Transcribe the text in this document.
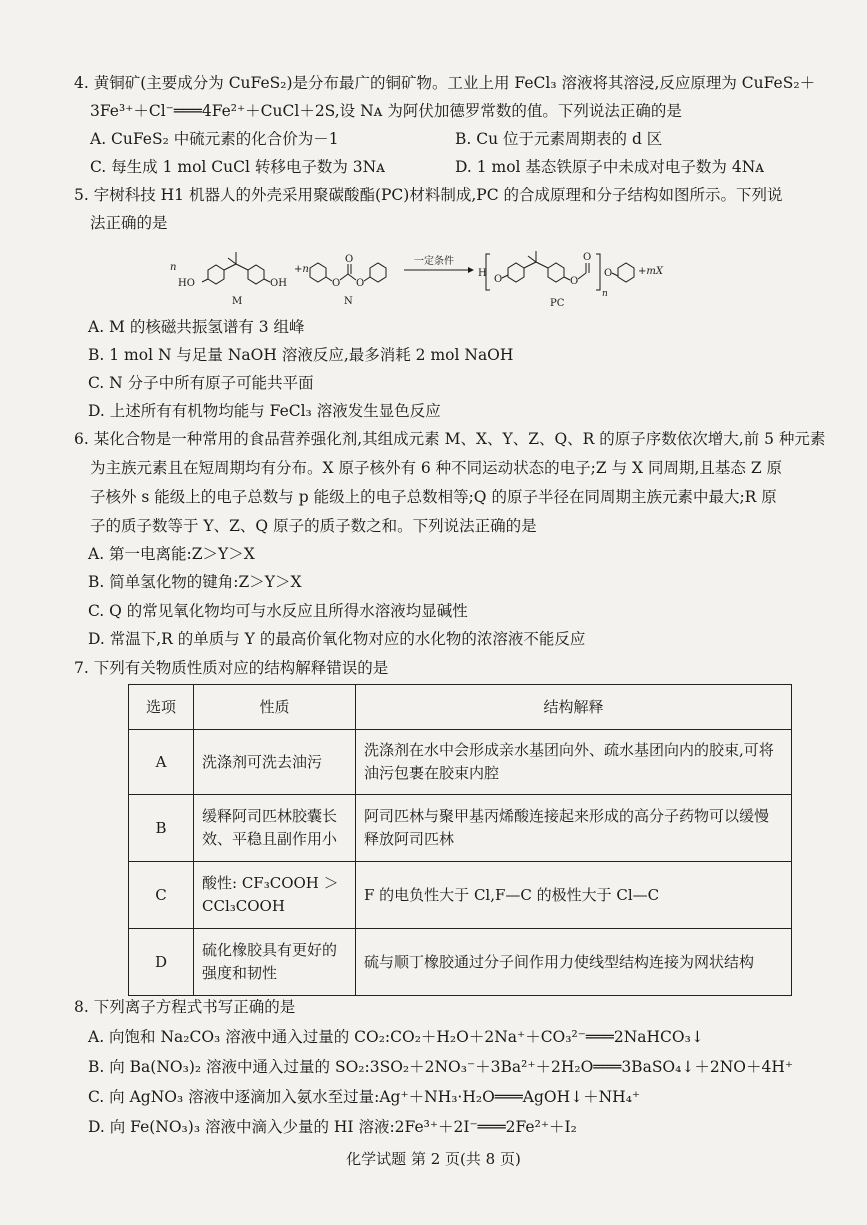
4. 黄铜矿(主要成分为 CuFeS₂)是分布最广的铜矿物。工业上用 FeCl₃ 溶液将其溶浸,反应原理为 CuFeS₂＋
3Fe³⁺＋Cl⁻═══4Fe²⁺＋CuCl＋2S,设 Nᴀ 为阿伏加德罗常数的值。下列说法正确的是
A. CuFeS₂ 中硫元素的化合价为－1	B. Cu 位于元素周期表的 d 区
C. 每生成 1 mol CuCl 转移电子数为 3Nᴀ	D. 1 mol 基态铁原子中未成对电子数为 4Nᴀ
5. 宇树科技 H1 机器人的外壳采用聚碳酸酯(PC)材料制成,PC 的合成原理和分子结构如图所示。下列说
法正确的是
n
HO	OH
M
+n
O
O
O
N
一定条件
H
O	O
O
n
O	+mX
PC
A. M 的核磁共振氢谱有 3 组峰
B. 1 mol N 与足量 NaOH 溶液反应,最多消耗 2 mol NaOH
C. N 分子中所有原子可能共平面
D. 上述所有有机物均能与 FeCl₃ 溶液发生显色反应
6. 某化合物是一种常用的食品营养强化剂,其组成元素 M、X、Y、Z、Q、R 的原子序数依次增大,前 5 种元素
为主族元素且在短周期均有分布。X 原子核外有 6 种不同运动状态的电子;Z 与 X 同周期,且基态 Z 原
子核外 s 能级上的电子总数与 p 能级上的电子总数相等;Q 的原子半径在同周期主族元素中最大;R 原
子的质子数等于 Y、Z、Q 原子的质子数之和。下列说法正确的是
A. 第一电离能:Z＞Y＞X
B. 简单氢化物的键角:Z＞Y＞X
C. Q 的常见氧化物均可与水反应且所得水溶液均显碱性
D. 常温下,R 的单质与 Y 的最高价氧化物对应的水化物的浓溶液不能反应
7. 下列有关物质性质对应的结构解释错误的是
选项	性质	结构解释
A	洗涤剂可洗去油污	洗涤剂在水中会形成亲水基团向外、疏水基团向内的胶束,可将油污包裹在胶束内腔
B	缓释阿司匹林胶囊长效、平稳且副作用小	阿司匹林与聚甲基丙烯酸连接起来形成的高分子药物可以缓慢释放阿司匹林
C	酸性: CF₃COOH ＞ CCl₃COOH	F 的电负性大于 Cl,F—C 的极性大于 Cl—C
D	硫化橡胶具有更好的强度和韧性	硫与顺丁橡胶通过分子间作用力使线型结构连接为网状结构
8. 下列离子方程式书写正确的是
A. 向饱和 Na₂CO₃ 溶液中通入过量的 CO₂:CO₂＋H₂O＋2Na⁺＋CO₃²⁻═══2NaHCO₃↓
B. 向 Ba(NO₃)₂ 溶液中通入过量的 SO₂:3SO₂＋2NO₃⁻＋3Ba²⁺＋2H₂O═══3BaSO₄↓＋2NO＋4H⁺
C. 向 AgNO₃ 溶液中逐滴加入氨水至过量:Ag⁺＋NH₃·H₂O═══AgOH↓＋NH₄⁺
D. 向 Fe(NO₃)₃ 溶液中滴入少量的 HI 溶液:2Fe³⁺＋2I⁻═══2Fe²⁺＋I₂
化学试题 第 2 页(共 8 页)
